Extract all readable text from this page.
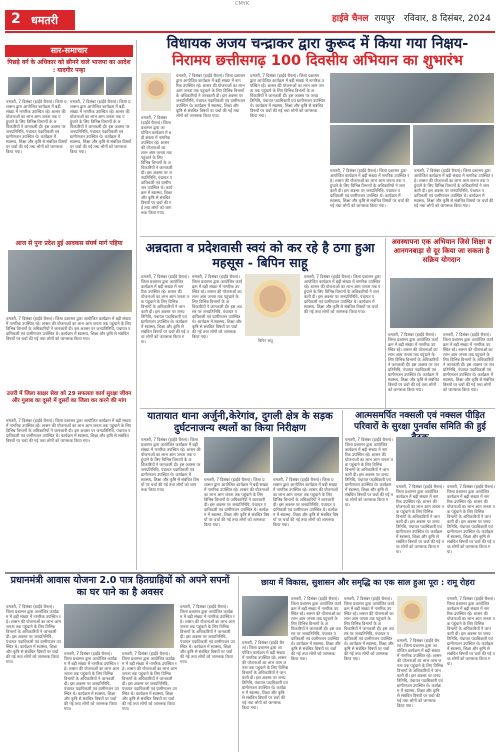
CMYK
2 धमतरी	हाईवे चैनल रायपुर रविवार, 8 दिसंबर, 2024
सार-समाचार
पिछड़े वर्ग के अधिकार को छीनने वाले भाजपा का आदेश : यादगीर पन्हा
धमतरी, 7 दिसंबर (हाईवे चैनल)। जिला प्रशासन द्वारा आयोजित कार्यक्रम में बड़ी संख्या में नागरिक उपस्थित रहे। शासन की योजनाओं का लाभ आम जनता तक पहुंचाने के लिए विभिन्न विभागों के अधिकारियों ने जानकारी दी। इस अवसर पर जनप्रतिनिधि, पंचायत पदाधिकारी एवं ग्रामीणजन उपस्थित थे। कार्यक्रम में स्वास्थ्य, शिक्षा और कृषि से संबंधित विषयों पर चर्चा की गई तथा लोगों को जागरूक किया गया।
धमतरी, 7 दिसंबर (हाईवे चैनल)। जिला प्रशासन द्वारा आयोजित कार्यक्रम में बड़ी संख्या में नागरिक उपस्थित रहे। शासन की योजनाओं का लाभ आम जनता तक पहुंचाने के लिए विभिन्न विभागों के अधिकारियों ने जानकारी दी। इस अवसर पर जनप्रतिनिधि, पंचायत पदाधिकारी एवं ग्रामीणजन उपस्थित थे। कार्यक्रम में स्वास्थ्य, शिक्षा और कृषि से संबंधित विषयों पर चर्चा की गई तथा लोगों को जागरूक किया गया।
आज से पुनः प्रदेश हुई आवकस संघर्ष मार्ग पहिया
धमतरी, 7 दिसंबर (हाईवे चैनल)। जिला प्रशासन द्वारा आयोजित कार्यक्रम में बड़ी संख्या में नागरिक उपस्थित रहे। शासन की योजनाओं का लाभ आम जनता तक पहुंचाने के लिए विभिन्न विभागों के अधिकारियों ने जानकारी दी। इस अवसर पर जनप्रतिनिधि, पंचायत पदाधिकारी एवं ग्रामीणजन उपस्थित थे। कार्यक्रम में स्वास्थ्य, शिक्षा और कृषि से संबंधित विषयों पर चर्चा की गई तथा लोगों को जागरूक किया गया।
उत्तरी में जिला साक्षर सेवा को 29 सफलता कार्य सुरक्षा जीवन और गुलाब का दूसरे में दुसरों का जिला कर करने की मांग
धमतरी, 7 दिसंबर (हाईवे चैनल)। जिला प्रशासन द्वारा आयोजित कार्यक्रम में बड़ी संख्या में नागरिक उपस्थित रहे। शासन की योजनाओं का लाभ आम जनता तक पहुंचाने के लिए विभिन्न विभागों के अधिकारियों ने जानकारी दी। इस अवसर पर जनप्रतिनिधि, पंचायत पदाधिकारी एवं ग्रामीणजन उपस्थित थे। कार्यक्रम में स्वास्थ्य, शिक्षा और कृषि से संबंधित विषयों पर चर्चा की गई तथा लोगों को जागरूक किया गया।
विधायक अजय चन्द्राकर द्वारा कुरूद में किया गया निक्षय-
निरामय छत्तीसगढ़ 100 दिवसीय अभियान का शुभारंभ
धमतरी, 7 दिसंबर (हाईवे चैनल)। जिला प्रशासन द्वारा आयोजित कार्यक्रम में बड़ी संख्या में नागरिक उपस्थित रहे। शासन की योजनाओं का लाभ आम जनता तक पहुंचाने के लिए विभिन्न विभागों के अधिकारियों ने जानकारी दी। इस अवसर पर जनप्रतिनिधि, पंचायत पदाधिकारी एवं ग्रामीणजन उपस्थित थे। कार्यक्रम में स्वास्थ्य, शिक्षा और कृषि से संबंधित विषयों पर चर्चा की गई तथा लोगों को जागरूक किया गया।
धमतरी, 7 दिसंबर (हाईवे चैनल)। जिला प्रशासन द्वारा आयोजित कार्यक्रम में बड़ी संख्या में नागरिक उपस्थित रहे। शासन की योजनाओं का लाभ आम जनता तक पहुंचाने के लिए विभिन्न विभागों के अधिकारियों ने जानकारी दी। इस अवसर पर जनप्रतिनिधि, पंचायत पदाधिकारी एवं ग्रामीणजन उपस्थित थे। कार्यक्रम में स्वास्थ्य, शिक्षा और कृषि से संबंधित विषयों पर चर्चा की गई तथा लोगों को जागरूक किया गया।
धमतरी, 7 दिसंबर (हाईवे चैनल)। जिला प्रशासन द्वारा आयोजित कार्यक्रम में बड़ी संख्या में नागरिक उपस्थित रहे। शासन की योजनाओं का लाभ आम जनता तक पहुंचाने के लिए विभिन्न विभागों के अधिकारियों ने जानकारी दी। इस अवसर पर जनप्रतिनिधि, पंचायत पदाधिकारी एवं ग्रामीणजन उपस्थित थे। कार्यक्रम में स्वास्थ्य, शिक्षा और कृषि से संबंधित विषयों पर चर्चा की गई तथा लोगों को जागरूक किया गया।
धमतरी, 7 दिसंबर (हाईवे चैनल)। जिला प्रशासन द्वारा आयोजित कार्यक्रम में बड़ी संख्या में नागरिक उपस्थित रहे। शासन की योजनाओं का लाभ आम जनता तक पहुंचाने के लिए विभिन्न विभागों के अधिकारियों ने जानकारी दी। इस अवसर पर जनप्रतिनिधि, पंचायत पदाधिकारी एवं ग्रामीणजन उपस्थित थे। कार्यक्रम में स्वास्थ्य, शिक्षा और कृषि से संबंधित विषयों पर चर्चा की गई तथा लोगों को जागरूक किया गया।
धमतरी, 7 दिसंबर (हाईवे चैनल)। जिला प्रशासन द्वारा आयोजित कार्यक्रम में बड़ी संख्या में नागरिक उपस्थित रहे। शासन की योजनाओं का लाभ आम जनता तक पहुंचाने के लिए विभिन्न विभागों के अधिकारियों ने जानकारी दी। इस अवसर पर जनप्रतिनिधि, पंचायत पदाधिकारी एवं ग्रामीणजन उपस्थित थे। कार्यक्रम में स्वास्थ्य, शिक्षा और कृषि से संबंधित विषयों पर चर्चा की गई तथा लोगों को जागरूक किया गया।
अन्नदाता व प्रदेशवासी स्वयं को कर रहे है ठगा हुआ महसूस - बिपिन साहू
धमतरी, 7 दिसंबर (हाईवे चैनल)। जिला प्रशासन द्वारा आयोजित कार्यक्रम में बड़ी संख्या में नागरिक उपस्थित रहे। शासन की योजनाओं का लाभ आम जनता तक पहुंचाने के लिए विभिन्न विभागों के अधिकारियों ने जानकारी दी। इस अवसर पर जनप्रतिनिधि, पंचायत पदाधिकारी एवं ग्रामीणजन उपस्थित थे। कार्यक्रम में स्वास्थ्य, शिक्षा और कृषि से संबंधित विषयों पर चर्चा की गई तथा लोगों को जागरूक किया गया।	बिपिन साहू
धमतरी, 7 दिसंबर (हाईवे चैनल)। जिला प्रशासन द्वारा आयोजित कार्यक्रम में बड़ी संख्या में नागरिक उपस्थित रहे। शासन की योजनाओं का लाभ आम जनता तक पहुंचाने के लिए विभिन्न विभागों के अधिकारियों ने जानकारी दी। इस अवसर पर जनप्रतिनिधि, पंचायत पदाधिकारी एवं ग्रामीणजन उपस्थित थे। कार्यक्रम में स्वास्थ्य, शिक्षा और कृषि से संबंधित विषयों पर चर्चा की गई तथा लोगों को जागरूक किया गया।
धमतरी, 7 दिसंबर (हाईवे चैनल)। जिला प्रशासन द्वारा आयोजित कार्यक्रम में बड़ी संख्या में नागरिक उपस्थित रहे। शासन की योजनाओं का लाभ आम जनता तक पहुंचाने के लिए विभिन्न विभागों के अधिकारियों ने जानकारी दी। इस अवसर पर जनप्रतिनिधि, पंचायत पदाधिकारी एवं ग्रामीणजन उपस्थित थे। कार्यक्रम में स्वास्थ्य, शिक्षा और कृषि से संबंधित विषयों पर चर्चा की गई तथा लोगों को जागरूक किया गया।
अवस्थापना एक अभियान जिसे शिक्षा व आनगनबाड़ा से दूर किया जा सकता है सक्रिय योगदान
धमतरी, 7 दिसंबर (हाईवे चैनल)। जिला प्रशासन द्वारा आयोजित कार्यक्रम में बड़ी संख्या में नागरिक उपस्थित रहे। शासन की योजनाओं का लाभ आम जनता तक पहुंचाने के लिए विभिन्न विभागों के अधिकारियों ने जानकारी दी। इस अवसर पर जनप्रतिनिधि, पंचायत पदाधिकारी एवं ग्रामीणजन उपस्थित थे। कार्यक्रम में स्वास्थ्य, शिक्षा और कृषि से संबंधित विषयों पर चर्चा की गई तथा लोगों को जागरूक किया गया।
धमतरी, 7 दिसंबर (हाईवे चैनल)। जिला प्रशासन द्वारा आयोजित कार्यक्रम में बड़ी संख्या में नागरिक उपस्थित रहे। शासन की योजनाओं का लाभ आम जनता तक पहुंचाने के लिए विभिन्न विभागों के अधिकारियों ने जानकारी दी। इस अवसर पर जनप्रतिनिधि, पंचायत पदाधिकारी एवं ग्रामीणजन उपस्थित थे। कार्यक्रम में स्वास्थ्य, शिक्षा और कृषि से संबंधित विषयों पर चर्चा की गई तथा लोगों को जागरूक किया गया।
यातायात थाना अर्जुनी,केरेगांव, दुगली क्षेत्र के सड़क दुर्घटनाजन्य स्थलों का किया निरीक्षण
धमतरी, 7 दिसंबर (हाईवे चैनल)। जिला प्रशासन द्वारा आयोजित कार्यक्रम में बड़ी संख्या में नागरिक उपस्थित रहे। शासन की योजनाओं का लाभ आम जनता तक पहुंचाने के लिए विभिन्न विभागों के अधिकारियों ने जानकारी दी। इस अवसर पर जनप्रतिनिधि, पंचायत पदाधिकारी एवं ग्रामीणजन उपस्थित थे। कार्यक्रम में स्वास्थ्य, शिक्षा और कृषि से संबंधित विषयों पर चर्चा की गई तथा लोगों को जागरूक किया गया।
धमतरी, 7 दिसंबर (हाईवे चैनल)। जिला प्रशासन द्वारा आयोजित कार्यक्रम में बड़ी संख्या में नागरिक उपस्थित रहे। शासन की योजनाओं का लाभ आम जनता तक पहुंचाने के लिए विभिन्न विभागों के अधिकारियों ने जानकारी दी। इस अवसर पर जनप्रतिनिधि, पंचायत पदाधिकारी एवं ग्रामीणजन उपस्थित थे। कार्यक्रम में स्वास्थ्य, शिक्षा और कृषि से संबंधित विषयों पर चर्चा की गई तथा लोगों को जागरूक किया गया।
धमतरी, 7 दिसंबर (हाईवे चैनल)। जिला प्रशासन द्वारा आयोजित कार्यक्रम में बड़ी संख्या में नागरिक उपस्थित रहे। शासन की योजनाओं का लाभ आम जनता तक पहुंचाने के लिए विभिन्न विभागों के अधिकारियों ने जानकारी दी। इस अवसर पर जनप्रतिनिधि, पंचायत पदाधिकारी एवं ग्रामीणजन उपस्थित थे। कार्यक्रम में स्वास्थ्य, शिक्षा और कृषि से संबंधित विषयों पर चर्चा की गई तथा लोगों को जागरूक किया गया।
आत्मसमर्पित नक्सली एवं नक्सल पीड़ित परिवारों के सुरक्षा पुनर्वास समिति की हुई
धमतरी, 7 दिसंबर (हाईवे चैनल)। जिला प्रशासन द्वारा आयोजित कार्यक्रम में बड़ी संख्या में नागरिक उपस्थित रहे। शासन की योजनाओं का लाभ आम जनता तक पहुंचाने के लिए विभिन्न विभागों के अधिकारियों ने जानकारी दी। इस अवसर पर जनप्रतिनिधि, पंचायत पदाधिकारी एवं ग्रामीणजन उपस्थित थे। कार्यक्रम में स्वास्थ्य, शिक्षा और कृषि से संबंधित विषयों पर चर्चा की गई तथा लोगों को जागरूक किया गया।
धमतरी, 7 दिसंबर (हाईवे चैनल)। जिला प्रशासन द्वारा आयोजित कार्यक्रम में बड़ी संख्या में नागरिक उपस्थित रहे। शासन की योजनाओं का लाभ आम जनता तक पहुंचाने के लिए विभिन्न विभागों के अधिकारियों ने जानकारी दी। इस अवसर पर जनप्रतिनिधि, पंचायत पदाधिकारी एवं ग्रामीणजन उपस्थित थे। कार्यक्रम में स्वास्थ्य, शिक्षा और कृषि से संबंधित विषयों पर चर्चा की गई तथा लोगों को जागरूक किया गया।
धमतरी, 7 दिसंबर (हाईवे चैनल)। जिला प्रशासन द्वारा आयोजित कार्यक्रम में बड़ी संख्या में नागरिक उपस्थित रहे। शासन की योजनाओं का लाभ आम जनता तक पहुंचाने के लिए विभिन्न विभागों के अधिकारियों ने जानकारी दी। इस अवसर पर जनप्रतिनिधि, पंचायत पदाधिकारी एवं ग्रामीणजन उपस्थित थे। कार्यक्रम में स्वास्थ्य, शिक्षा और कृषि से संबंधित विषयों पर चर्चा की गई तथा लोगों को जागरूक किया गया।
प्रधानमंत्री आवास योजना 2.0 पात्र हितग्राहियों को अपने सपनों का घर पाने का है अवसर
धमतरी, 7 दिसंबर (हाईवे चैनल)। जिला प्रशासन द्वारा आयोजित कार्यक्रम में बड़ी संख्या में नागरिक उपस्थित रहे। शासन की योजनाओं का लाभ आम जनता तक पहुंचाने के लिए विभिन्न विभागों के अधिकारियों ने जानकारी दी। इस अवसर पर जनप्रतिनिधि, पंचायत पदाधिकारी एवं ग्रामीणजन उपस्थित थे। कार्यक्रम में स्वास्थ्य, शिक्षा और कृषि से संबंधित विषयों पर चर्चा की गई तथा लोगों को जागरूक किया गया।
धमतरी, 7 दिसंबर (हाईवे चैनल)। जिला प्रशासन द्वारा आयोजित कार्यक्रम में बड़ी संख्या में नागरिक उपस्थित रहे। शासन की योजनाओं का लाभ आम जनता तक पहुंचाने के लिए विभिन्न विभागों के अधिकारियों ने जानकारी दी। इस अवसर पर जनप्रतिनिधि, पंचायत पदाधिकारी एवं ग्रामीणजन उपस्थित थे। कार्यक्रम में स्वास्थ्य, शिक्षा और कृषि से संबंधित विषयों पर चर्चा की गई तथा लोगों को जागरूक किया गया।
धमतरी, 7 दिसंबर (हाईवे चैनल)। जिला प्रशासन द्वारा आयोजित कार्यक्रम में बड़ी संख्या में नागरिक उपस्थित रहे। शासन की योजनाओं का लाभ आम जनता तक पहुंचाने के लिए विभिन्न विभागों के अधिकारियों ने जानकारी दी। इस अवसर पर जनप्रतिनिधि, पंचायत पदाधिकारी एवं ग्रामीणजन उपस्थित थे। कार्यक्रम में स्वास्थ्य, शिक्षा और कृषि से संबंधित विषयों पर चर्चा की गई तथा लोगों को जागरूक किया गया।
धमतरी, 7 दिसंबर (हाईवे चैनल)। जिला प्रशासन द्वारा आयोजित कार्यक्रम में बड़ी संख्या में नागरिक उपस्थित रहे। शासन की योजनाओं का लाभ आम जनता तक पहुंचाने के लिए विभिन्न विभागों के अधिकारियों ने जानकारी दी। इस अवसर पर जनप्रतिनिधि, पंचायत पदाधिकारी एवं ग्रामीणजन उपस्थित थे। कार्यक्रम में स्वास्थ्य, शिक्षा और कृषि से संबंधित विषयों पर चर्चा की गई तथा लोगों को जागरूक किया गया।
छाया में विकास, सुशासन और समृद्धि का एक साल हुआ पूरा : रामू रोहरा
धमतरी, 7 दिसंबर (हाईवे चैनल)। जिला प्रशासन द्वारा आयोजित कार्यक्रम में बड़ी संख्या में नागरिक उपस्थित रहे। शासन की योजनाओं का लाभ आम जनता तक पहुंचाने के लिए विभिन्न विभागों के अधिकारियों ने जानकारी दी। इस अवसर पर जनप्रतिनिधि, पंचायत पदाधिकारी एवं ग्रामीणजन उपस्थित थे। कार्यक्रम में स्वास्थ्य, शिक्षा और कृषि से संबंधित विषयों पर चर्चा की गई तथा लोगों को जागरूक किया गया।
धमतरी, 7 दिसंबर (हाईवे चैनल)। जिला प्रशासन द्वारा आयोजित कार्यक्रम में बड़ी संख्या में नागरिक उपस्थित रहे। शासन की योजनाओं का लाभ आम जनता तक पहुंचाने के लिए विभिन्न विभागों के अधिकारियों ने जानकारी दी। इस अवसर पर जनप्रतिनिधि, पंचायत पदाधिकारी एवं ग्रामीणजन उपस्थित थे। कार्यक्रम में स्वास्थ्य, शिक्षा और कृषि से संबंधित विषयों पर चर्चा की गई तथा लोगों को जागरूक किया गया।
धमतरी, 7 दिसंबर (हाईवे चैनल)। जिला प्रशासन द्वारा आयोजित कार्यक्रम में बड़ी संख्या में नागरिक उपस्थित रहे। शासन की योजनाओं का लाभ आम जनता तक पहुंचाने के लिए विभिन्न विभागों के अधिकारियों ने जानकारी दी। इस अवसर पर जनप्रतिनिधि, पंचायत पदाधिकारी एवं ग्रामीणजन उपस्थित थे। कार्यक्रम में स्वास्थ्य, शिक्षा और कृषि से संबंधित विषयों पर चर्चा की गई तथा लोगों को जागरूक किया गया।
धमतरी, 7 दिसंबर (हाईवे चैनल)। जिला प्रशासन द्वारा आयोजित कार्यक्रम में बड़ी संख्या में नागरिक उपस्थित रहे। शासन की योजनाओं का लाभ आम जनता तक पहुंचाने के लिए विभिन्न विभागों के अधिकारियों ने जानकारी दी। इस अवसर पर जनप्रतिनिधि, पंचायत पदाधिकारी एवं ग्रामीणजन उपस्थित थे। कार्यक्रम में स्वास्थ्य, शिक्षा और कृषि से संबंधित विषयों पर चर्चा की गई तथा लोगों को जागरूक किया गया।
धमतरी, 7 दिसंबर (हाईवे चैनल)। जिला प्रशासन द्वारा आयोजित कार्यक्रम में बड़ी संख्या में नागरिक उपस्थित रहे। शासन की योजनाओं का लाभ आम जनता तक पहुंचाने के लिए विभिन्न विभागों के अधिकारियों ने जानकारी दी। इस अवसर पर जनप्रतिनिधि, पंचायत पदाधिकारी एवं ग्रामीणजन उपस्थित थे। कार्यक्रम में स्वास्थ्य, शिक्षा और कृषि से संबंधित विषयों पर चर्चा की गई तथा लोगों को जागरूक किया गया।
